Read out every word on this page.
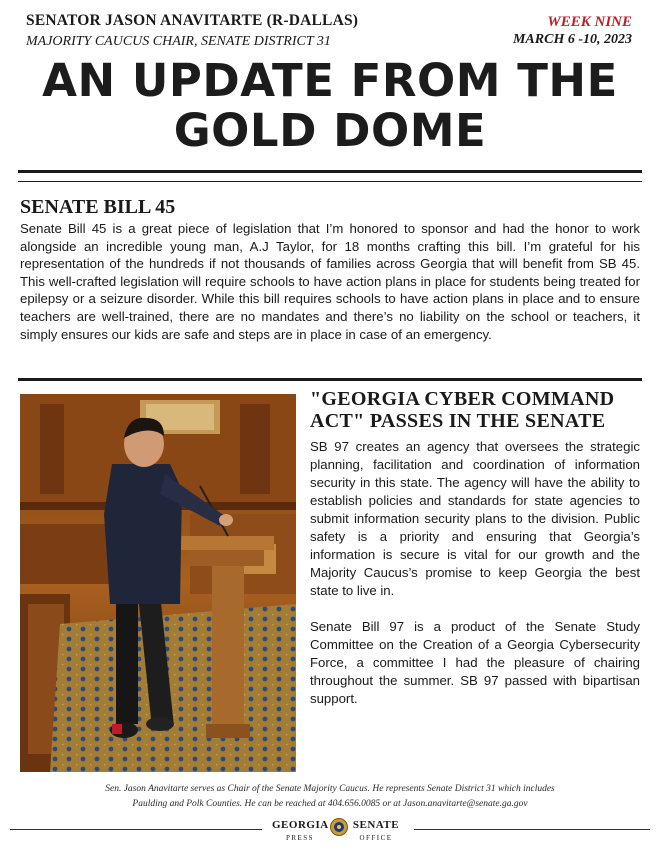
SENATOR JASON ANAVITARTE (R-DALLAS)
MAJORITY CAUCUS CHAIR, SENATE DISTRICT 31
WEEK NINE
MARCH 6 -10, 2023
AN UPDATE FROM THE
GOLD DOME
SENATE BILL 45
Senate Bill 45 is a great piece of legislation that I’m honored to sponsor and had the honor to work alongside an incredible young man, A.J Taylor, for 18 months crafting this bill. I’m grateful for his representation of the hundreds if not thousands of families across Georgia that will benefit from SB 45. This well-crafted legislation will require schools to have action plans in place for students being treated for epilepsy or a seizure disorder. While this bill requires schools to have action plans in place and to ensure teachers are well-trained, there are no mandates and there’s no liability on the school or teachers, it simply ensures our kids are safe and steps are in place in case of an emergency.
"GEORGIA CYBER COMMAND ACT" PASSES IN THE SENATE

SB 97 creates an agency that oversees the strategic planning, facilitation and coordination of information security in this state. The agency will have the ability to establish policies and standards for state agencies to submit information security plans to the division. Public safety is a priority and ensuring that Georgia’s information is secure is vital for our growth and the Majority Caucus’s promise to keep Georgia the best state to live in.

Senate Bill 97 is a product of the Senate Study Committee on the Creation of a Georgia Cybersecurity Force, a committee I had the pleasure of chairing throughout the summer. SB 97 passed with bipartisan support.

Sen. Jason Anavitarte serves as Chair of the Senate Majority Caucus. He represents Senate District 31 which includes
Paulding and Polk Counties. He can be reached at 404.656.0085 or at Jason.anavitarte@senate.ga.gov
GEORGIA
PRESS
SENATE
OFFICE
